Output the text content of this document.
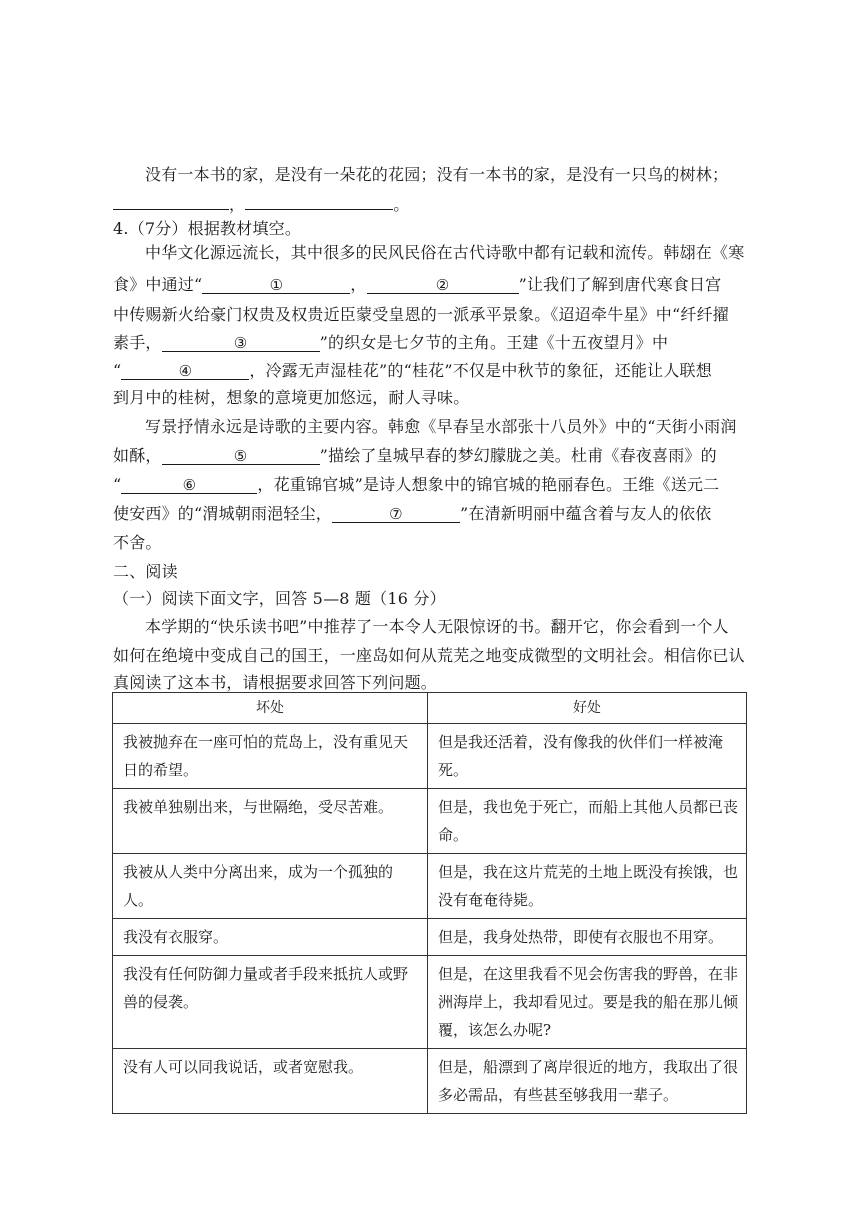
没有一本书的家，是没有一朵花的花园；没有一本书的家，是没有一只鸟的树林；
，	。
4.（7分）根据教材填空。
中华文化源远流长，其中很多的民风民俗在古代诗歌中都有记载和流传。韩翃在《寒
食》中通过“	①	，	②	”让我们了解到唐代寒食日宫
中传赐新火给豪门权贵及权贵近臣蒙受皇恩的一派承平景象。《迢迢牵牛星》中“纤纤擢
素手，	③	”的织女是七夕节的主角。王建《十五夜望月》中
“	④	，冷露无声湿桂花”的“桂花”不仅是中秋节的象征，还能让人联想
到月中的桂树，想象的意境更加悠远，耐人寻味。
写景抒情永远是诗歌的主要内容。韩愈《早春呈水部张十八员外》中的“天街小雨润
如酥，	⑤	”描绘了皇城早春的梦幻朦胧之美。杜甫《春夜喜雨》的
“	⑥	，花重锦官城”是诗人想象中的锦官城的艳丽春色。王维《送元二
使安西》的“渭城朝雨浥轻尘，	⑦	”在清新明丽中蕴含着与友人的依依
不舍。
二、阅读
（一）阅读下面文字，回答 5—8 题（16 分）
本学期的“快乐读书吧”中推荐了一本令人无限惊讶的书。翻开它，你会看到一个人
如何在绝境中变成自己的国王，一座岛如何从荒芜之地变成微型的文明社会。相信你已认
真阅读了这本书，请根据要求回答下列问题。
坏处	好处
我被抛弃在一座可怕的荒岛上，没有重见天日的希望。	但是我还活着，没有像我的伙伴们一样被淹死。
我被单独剔出来，与世隔绝，受尽苦难。	但是，我也免于死亡，而船上其他人员都已丧命。
我被从人类中分离出来，成为一个孤独的人。	但是，我在这片荒芜的土地上既没有挨饿，也没有奄奄待毙。
我没有衣服穿。	但是，我身处热带，即使有衣服也不用穿。
我没有任何防御力量或者手段来抵抗人或野兽的侵袭。	但是，在这里我看不见会伤害我的野兽，在非洲海岸上，我却看见过。要是我的船在那儿倾覆，该怎么办呢?
没有人可以同我说话，或者宽慰我。	但是，船漂到了离岸很近的地方，我取出了很多必需品，有些甚至够我用一辈子。
